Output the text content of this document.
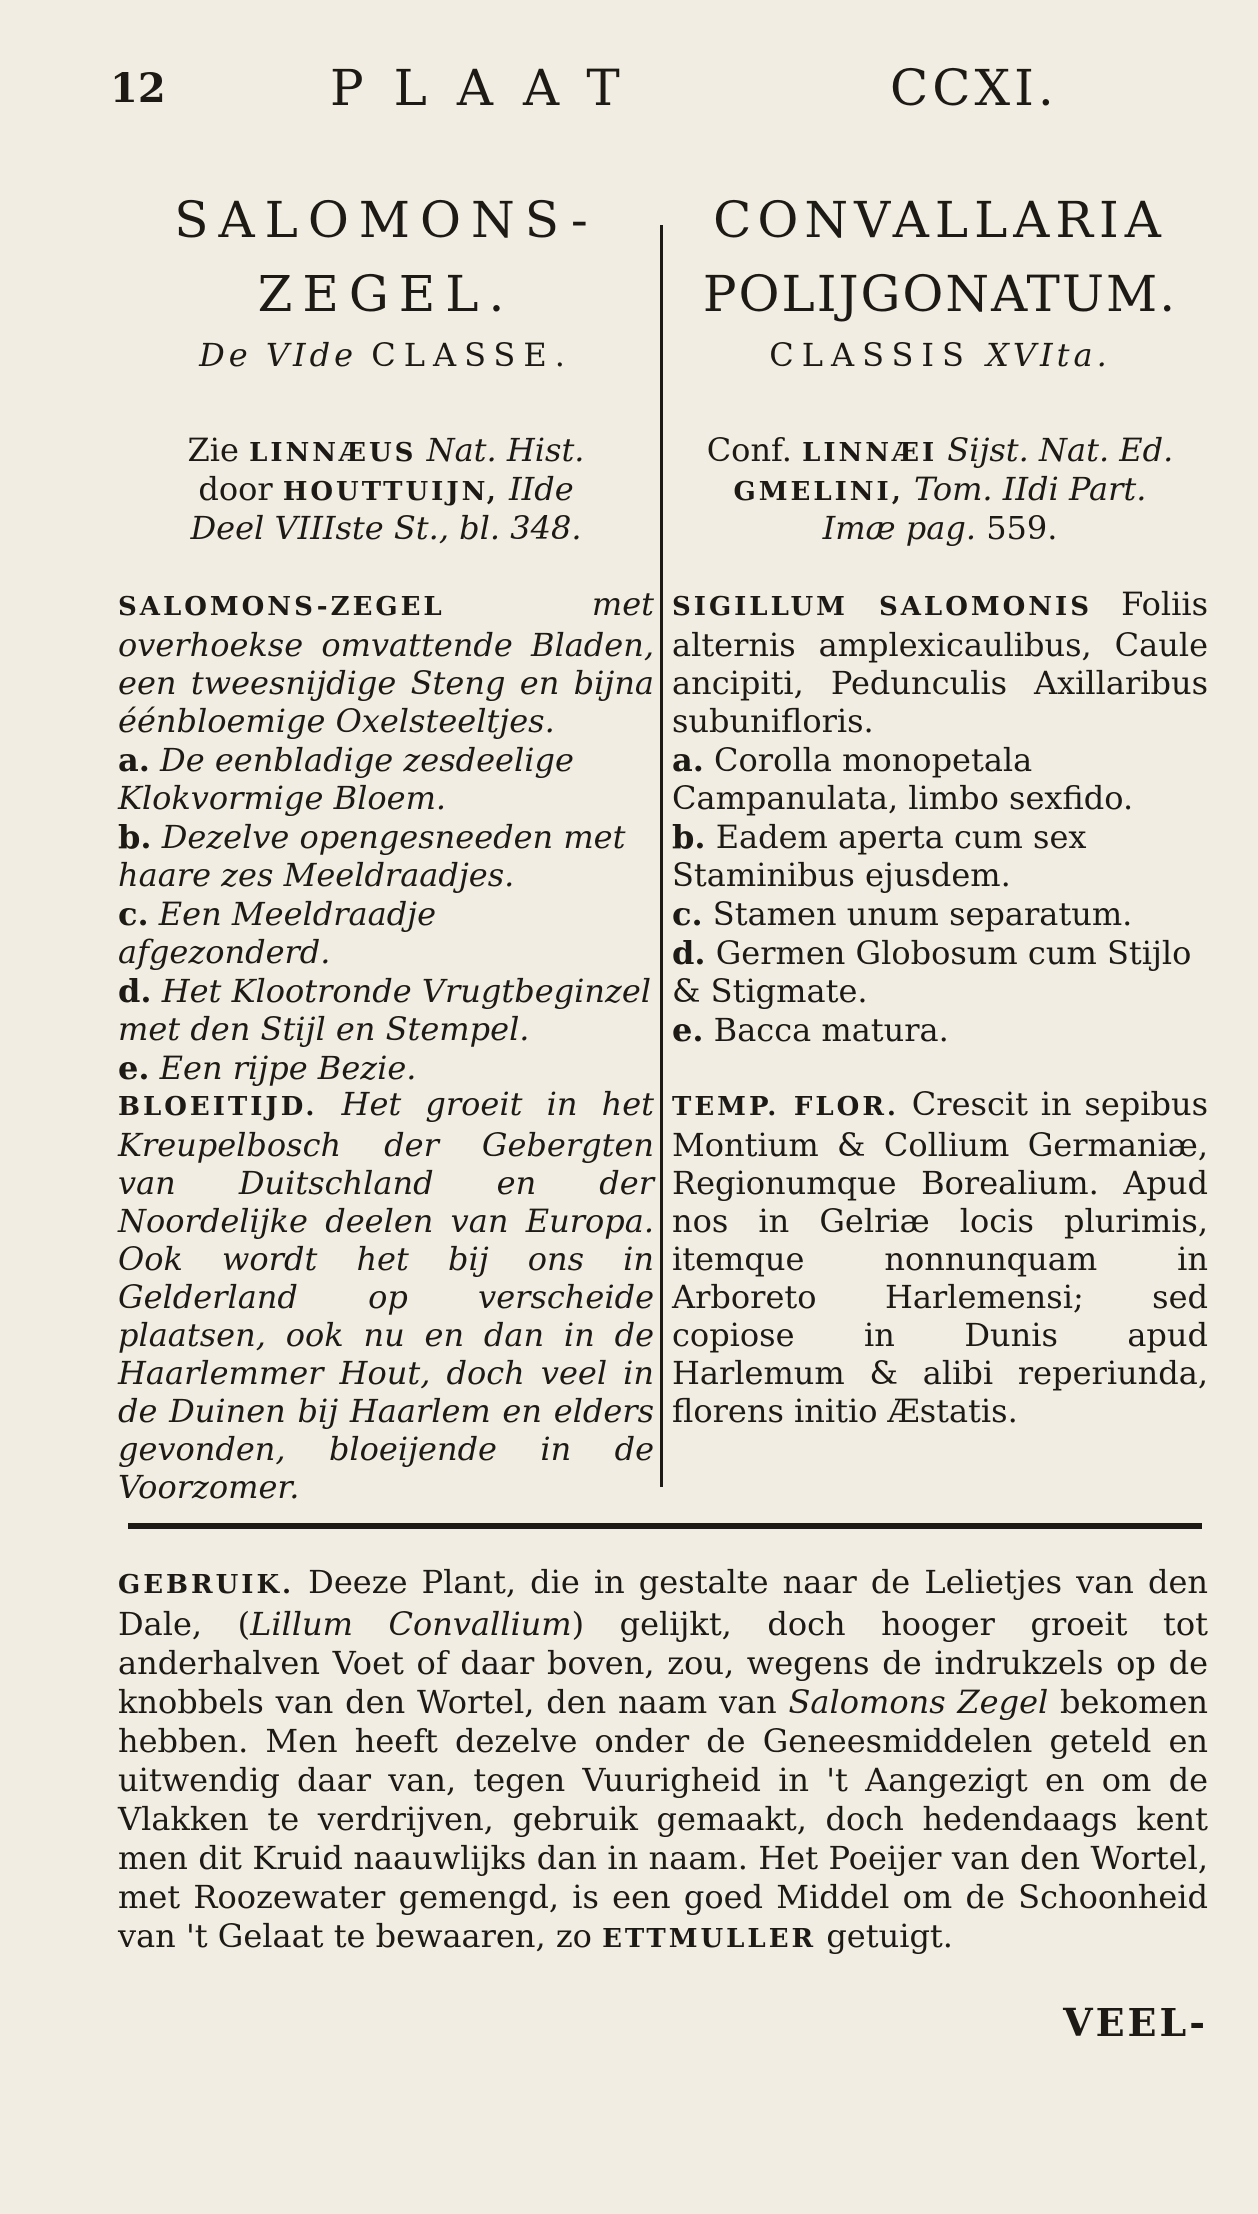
12	PLAAT	CCXI.
SALOMONS-
ZEGEL.
De VIde CLASSE.
Zie LINNÆUS Nat. Hist.
door HOUTTUIJN, IIde
Deel VIIIste St., bl. 348.
SALOMONS-ZEGEL	met overhoekse omvattende Bladen, een tweesnijdige Steng en bijna éénbloemige Oxelsteeltjes.
a. De eenbladige zesdeelige Klokvormige Bloem.
b. Dezelve opengesneeden met haare zes Meeldraadjes.
c. Een Meeldraadje afgezonderd.
d. Het Klootronde Vrugtbeginzel met den Stijl en Stempel.
e. Een rijpe Bezie.
BLOEITIJD. Het groeit in het Kreupelbosch der Gebergten van Duitschland en der Noordelijke deelen van Europa. Ook wordt het bij ons in Gelderland op verscheide plaatsen, ook nu en dan in de Haarlemmer Hout, doch veel in de Duinen bij Haarlem en elders gevonden, bloeijende in de Voorzomer.
CONVALLARIA
POLIJGONATUM.
CLASSIS XVIta.
Conf. LINNÆI Sijst. Nat. Ed.
GMELINI, Tom. IIdi Part.
Imæ pag. 559.
SIGILLUM SALOMONIS Foliis alternis amplexicaulibus, Caule ancipiti, Pedunculis Axillaribus subunifloris.
a. Corolla monopetala Campanulata, limbo sexfido.
b. Eadem aperta cum sex Staminibus ejusdem.
c. Stamen unum separatum.
d. Germen Globosum cum Stijlo & Stigmate.
e. Bacca matura.
TEMP. FLOR. Crescit in sepibus Montium & Collium Germaniæ, Regionumque Borealium. Apud nos in Gelriæ locis plurimis, itemque nonnunquam in Arboreto Harlemensi; sed copiose in Dunis apud Harlemum & alibi reperiunda, florens initio Æstatis.
GEBRUIK. Deeze Plant, die in gestalte naar de Lelietjes van den Dale, (Lillum Convallium) gelijkt, doch hooger groeit tot anderhalven Voet of daar boven, zou, wegens de indrukzels op de knobbels van den Wortel, den naam van Salomons Zegel bekomen hebben. Men heeft dezelve onder de Geneesmiddelen geteld en uitwendig daar van, tegen Vuurigheid in 't Aangezigt en om de Vlakken te verdrijven, gebruik gemaakt, doch hedendaags kent men dit Kruid naauwlijks dan in naam. Het Poeijer van den Wortel, met Roozewater gemengd, is een goed Middel om de Schoonheid van 't Gelaat te bewaaren, zo ETTMULLER getuigt.
VEEL-
